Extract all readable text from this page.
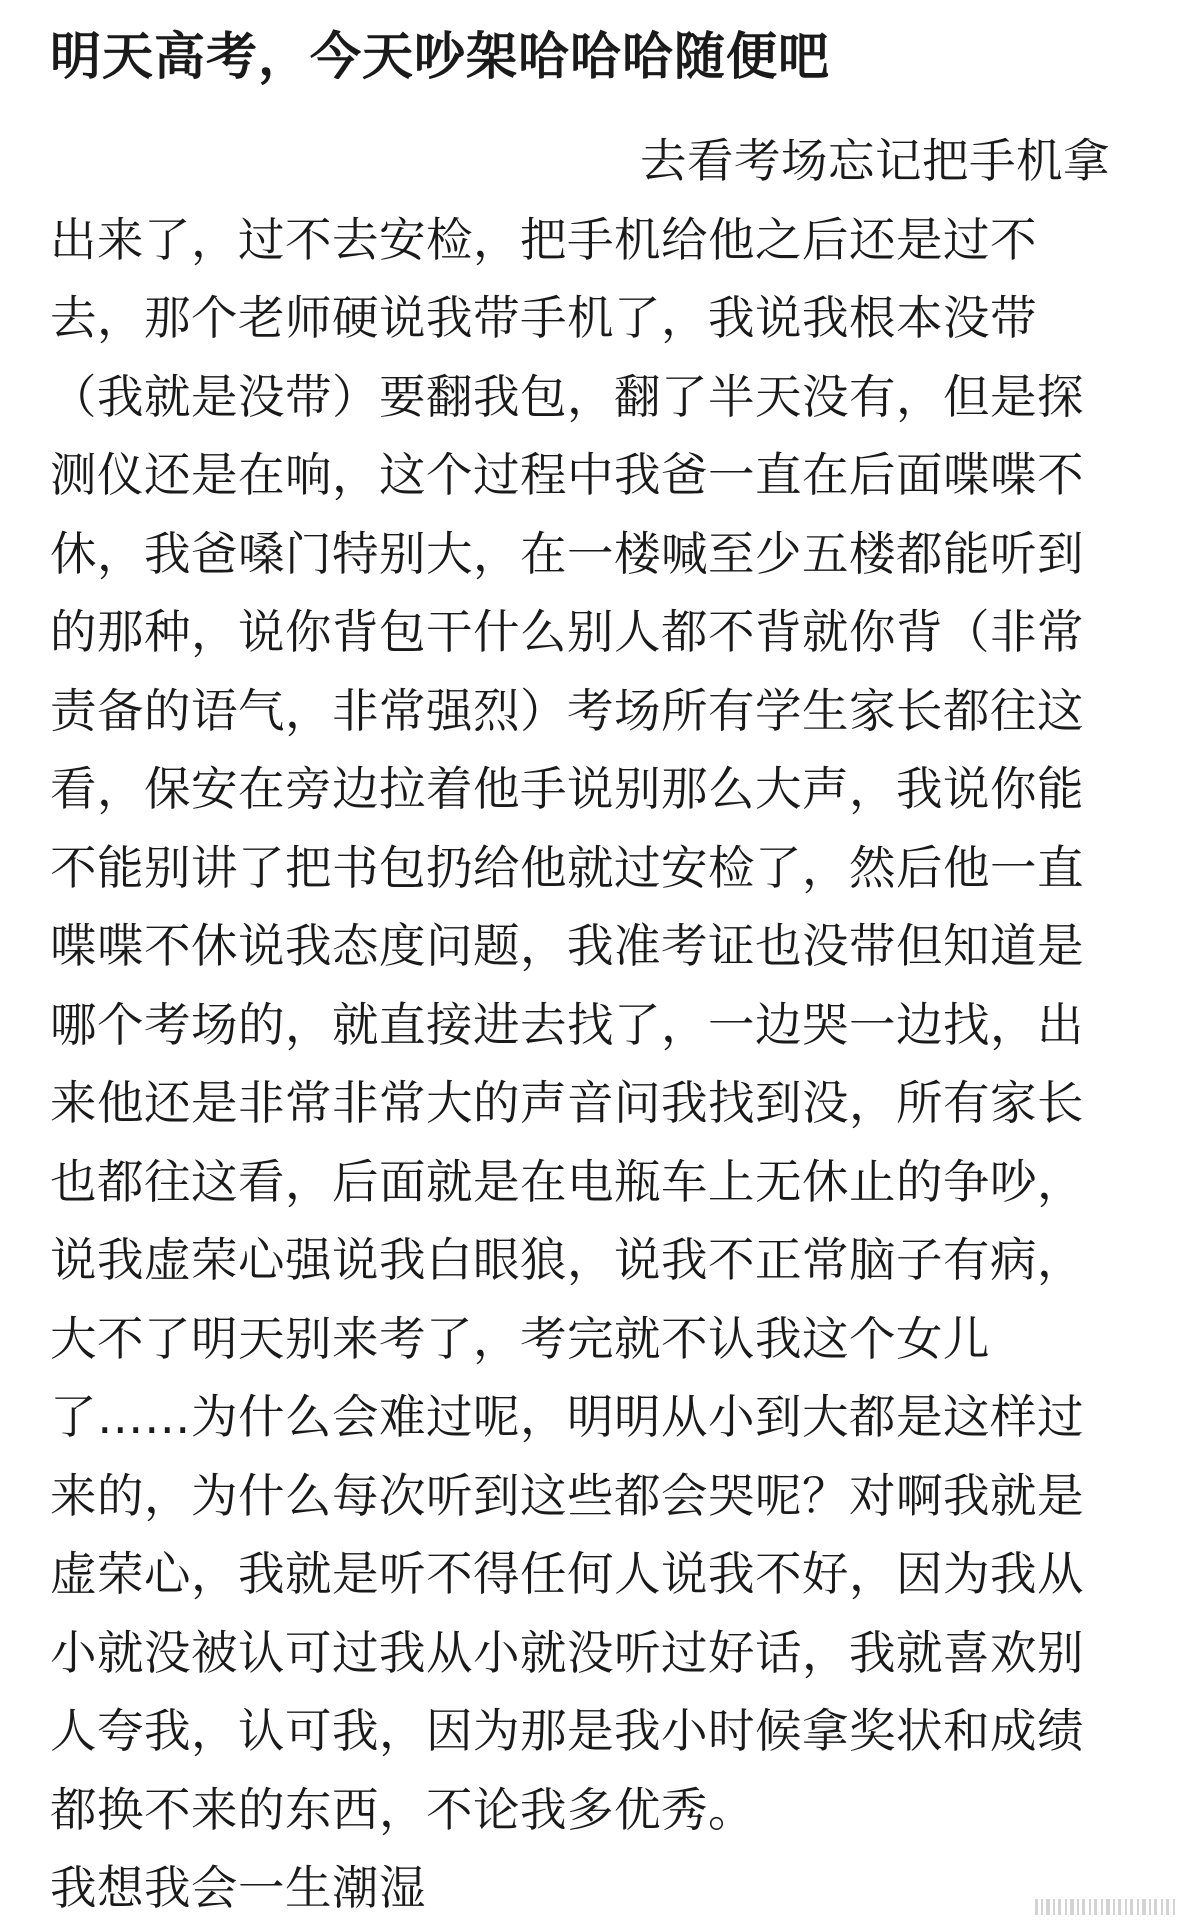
明天高考，今天吵架哈哈哈随便吧
去看考场忘记把手机拿
出来了，过不去安检，把手机给他之后还是过不
去，那个老师硬说我带手机了，我说我根本没带
（我就是没带）要翻我包，翻了半天没有，但是探
测仪还是在响，这个过程中我爸一直在后面喋喋不
休，我爸嗓门特别大，在一楼喊至少五楼都能听到
的那种，说你背包干什么别人都不背就你背（非常
责备的语气，非常强烈）考场所有学生家长都往这
看，保安在旁边拉着他手说别那么大声，我说你能
不能别讲了把书包扔给他就过安检了，然后他一直
喋喋不休说我态度问题，我准考证也没带但知道是
哪个考场的，就直接进去找了，一边哭一边找，出
来他还是非常非常大的声音问我找到没，所有家长
也都往这看，后面就是在电瓶车上无休止的争吵，
说我虚荣心强说我白眼狼，说我不正常脑子有病，
大不了明天别来考了，考完就不认我这个女儿
了……为什么会难过呢，明明从小到大都是这样过
来的，为什么每次听到这些都会哭呢？对啊我就是
虚荣心，我就是听不得任何人说我不好，因为我从
小就没被认可过我从小就没听过好话，我就喜欢别
人夸我，认可我，因为那是我小时候拿奖状和成绩
都换不来的东西，不论我多优秀。
我想我会一生潮湿
